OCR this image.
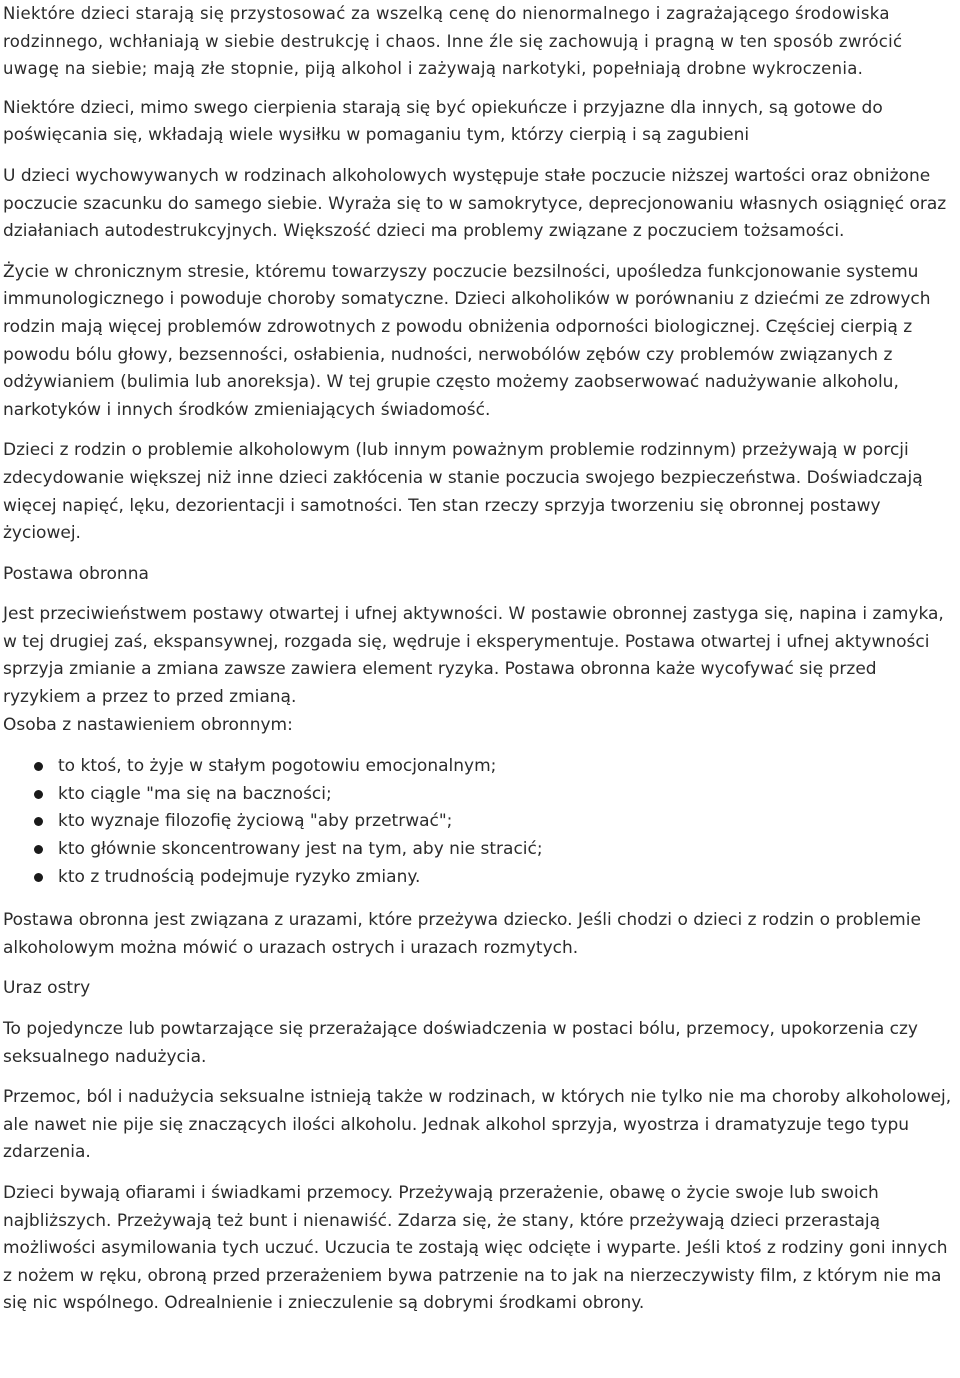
Niektóre dzieci starają się przystosować za wszelką cenę do nienormalnego i zagrażającego środowiska rodzinnego, wchłaniają w siebie destrukcję i chaos. Inne źle się zachowują i pragną w ten sposób zwrócić uwagę na siebie; mają złe stopnie, piją alkohol i zażywają narkotyki, popełniają drobne wykroczenia.

Niektóre dzieci, mimo swego cierpienia starają się być opiekuńcze i przyjazne dla innych, są gotowe do poświęcania się, wkładają wiele wysiłku w pomaganiu tym, którzy cierpią i są zagubieni

U dzieci wychowywanych w rodzinach alkoholowych występuje stałe poczucie niższej wartości oraz obniżone poczucie szacunku do samego siebie. Wyraża się to w samokrytyce, deprecjonowaniu własnych osiągnięć oraz działaniach autodestrukcyjnych. Większość dzieci ma problemy związane z poczuciem tożsamości.

Życie w chronicznym stresie, któremu towarzyszy poczucie bezsilności, upośledza funkcjonowanie systemu immunologicznego i powoduje choroby somatyczne. Dzieci alkoholików w porównaniu z dziećmi ze zdrowych rodzin mają więcej problemów zdrowotnych z powodu obniżenia odporności biologicznej. Częściej cierpią z powodu bólu głowy, bezsenności, osłabienia, nudności, nerwobólów zębów czy problemów związanych z odżywianiem (bulimia lub anoreksja). W tej grupie często możemy zaobserwować nadużywanie alkoholu, narkotyków i innych środków zmieniających świadomość.

Dzieci z rodzin o problemie alkoholowym (lub innym poważnym problemie rodzinnym) przeżywają w porcji zdecydowanie większej niż inne dzieci zakłócenia w stanie poczucia swojego bezpieczeństwa. Doświadczają więcej napięć, lęku, dezorientacji i samotności. Ten stan rzeczy sprzyja tworzeniu się obronnej postawy życiowej.

Postawa obronna

Jest przeciwieństwem postawy otwartej i ufnej aktywności. W postawie obronnej zastyga się, napina i zamyka, w tej drugiej zaś, ekspansywnej, rozgada się, wędruje i eksperymentuje. Postawa otwartej i ufnej aktywności sprzyja zmianie a zmiana zawsze zawiera element ryzyka. Postawa obronna każe wycofywać się przed ryzykiem a przez to przed zmianą.

Osoba z nastawieniem obronnym:
to ktoś, to żyje w stałym pogotowiu emocjonalnym;
kto ciągle "ma się na baczności;
kto wyznaje filozofię życiową "aby przetrwać";
kto głównie skoncentrowany jest na tym, aby nie stracić;
kto z trudnością podejmuje ryzyko zmiany.

Postawa obronna jest związana z urazami, które przeżywa dziecko. Jeśli chodzi o dzieci z rodzin o problemie alkoholowym można mówić o urazach ostrych i urazach rozmytych.

Uraz ostry

To pojedyncze lub powtarzające się przerażające doświadczenia w postaci bólu, przemocy, upokorzenia czy seksualnego nadużycia.

Przemoc, ból i nadużycia seksualne istnieją także w rodzinach, w których nie tylko nie ma choroby alkoholowej, ale nawet nie pije się znaczących ilości alkoholu. Jednak alkohol sprzyja, wyostrza i dramatyzuje tego typu zdarzenia.

Dzieci bywają ofiarami i świadkami przemocy. Przeżywają przerażenie, obawę o życie swoje lub swoich najbliższych. Przeżywają też bunt i nienawiść. Zdarza się, że stany, które przeżywają dzieci przerastają możliwości asymilowania tych uczuć. Uczucia te zostają więc odcięte i wyparte. Jeśli ktoś z rodziny goni innych z nożem w ręku, obroną przed przerażeniem bywa patrzenie na to jak na nierzeczywisty film, z którym nie ma się nic wspólnego. Odrealnienie i znieczulenie są dobrymi środkami obrony.
